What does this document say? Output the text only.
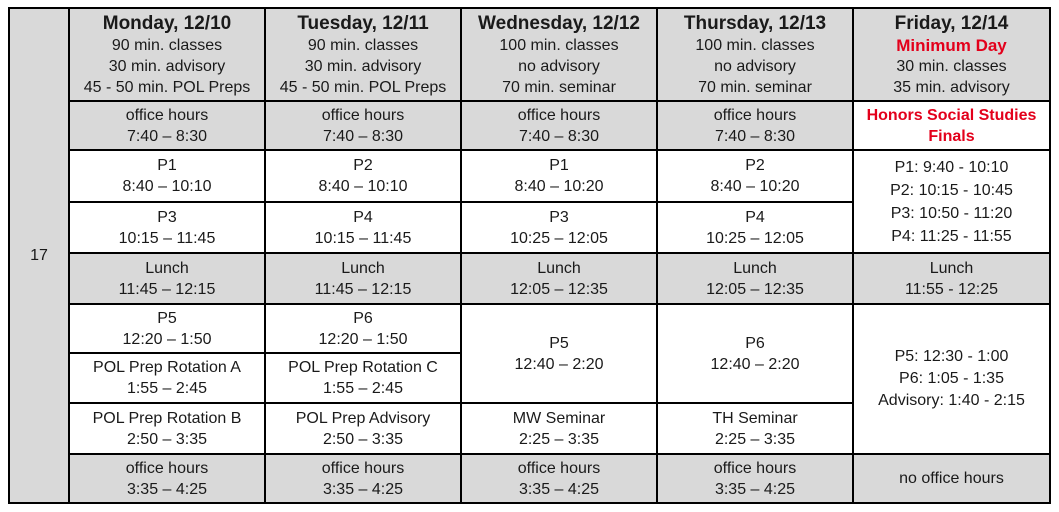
17	Monday, 12/10
90 min. classes
30 min. advisory
45 - 50 min. POL Preps	Tuesday, 12/11
90 min. classes
30 min. advisory
45 - 50 min. POL Preps	Wednesday, 12/12
100 min. classes
no advisory
70 min. seminar	Thursday, 12/13
100 min. classes
no advisory
70 min. seminar	Friday, 12/14
Minimum Day
30 min. classes
35 min. advisory

	office hours
7:40 – 8:30	office hours
7:40 – 8:30	office hours
7:40 – 8:30	office hours
7:40 – 8:30	Honors Social Studies
Finals

	P1
8:40 – 10:10	P2
8:40 – 10:10	P1
8:40 – 10:20	P2
8:40 – 10:20	P1: 9:40 - 10:10
P2: 10:15 - 10:45
P3: 10:50 - 11:20
P4: 11:25 - 11:55

	P3
10:15 – 11:45	P4
10:15 – 11:45	P3
10:25 – 12:05	P4
10:25 – 12:05	

	Lunch
11:45 – 12:15	Lunch
11:45 – 12:15	Lunch
12:05 – 12:35	Lunch
12:05 – 12:35	Lunch
11:55 - 12:25

	P5
12:20 – 1:50	P6
12:20 – 1:50	P5
12:40 – 2:20	P6
12:40 – 2:20	P5: 12:30 - 1:00
P6: 1:05 - 1:35
Advisory: 1:40 - 2:15

	POL Prep Rotation A
1:55 – 2:45	POL Prep Rotation C
1:55 – 2:45			

	POL Prep Rotation B
2:50 – 3:35	POL Prep Advisory
2:50 – 3:35	MW Seminar
2:25 – 3:35	TH Seminar
2:25 – 3:35	

	office hours
3:35 – 4:25	office hours
3:35 – 4:25	office hours
3:35 – 4:25	office hours
3:35 – 4:25	no office hours
